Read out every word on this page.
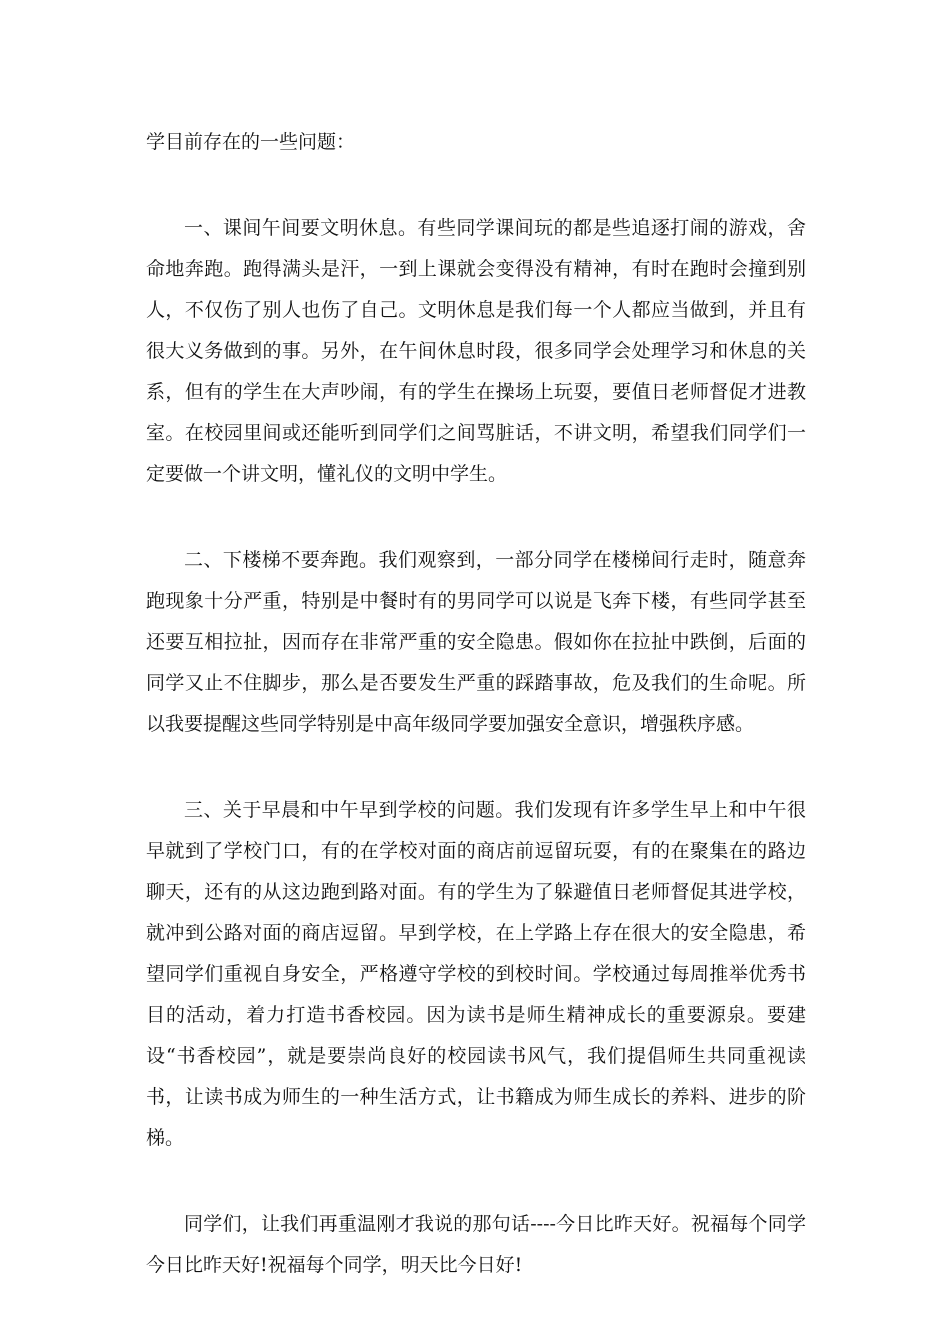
学目前存在的一些问题：

一、课间午间要文明休息。有些同学课间玩的都是些追逐打闹的游戏，舍命地奔跑。跑得满头是汗，一到上课就会变得没有精神，有时在跑时会撞到别人，不仅伤了别人也伤了自己。文明休息是我们每一个人都应当做到，并且有很大义务做到的事。另外，在午间休息时段，很多同学会处理学习和休息的关系，但有的学生在大声吵闹，有的学生在操场上玩耍，要值日老师督促才进教室。在校园里间或还能听到同学们之间骂脏话，不讲文明，希望我们同学们一定要做一个讲文明，懂礼仪的文明中学生。

二、下楼梯不要奔跑。我们观察到，一部分同学在楼梯间行走时，随意奔跑现象十分严重，特别是中餐时有的男同学可以说是飞奔下楼，有些同学甚至还要互相拉扯，因而存在非常严重的安全隐患。假如你在拉扯中跌倒，后面的同学又止不住脚步，那么是否要发生严重的踩踏事故，危及我们的生命呢。所以我要提醒这些同学特别是中高年级同学要加强安全意识，增强秩序感。

三、关于早晨和中午早到学校的问题。我们发现有许多学生早上和中午很早就到了学校门口，有的在学校对面的商店前逗留玩耍，有的在聚集在的路边聊天，还有的从这边跑到路对面。有的学生为了躲避值日老师督促其进学校，就冲到公路对面的商店逗留。早到学校，在上学路上存在很大的安全隐患，希望同学们重视自身安全，严格遵守学校的到校时间。学校通过每周推举优秀书目的活动，着力打造书香校园。因为读书是师生精神成长的重要源泉。要建设“书香校园”，就是要崇尚良好的校园读书风气，我们提倡师生共同重视读书，让读书成为师生的一种生活方式，让书籍成为师生成长的养料、进步的阶梯。

同学们，让我们再重温刚才我说的那句话----今日比昨天好。祝福每个同学今日比昨天好!祝福每个同学，明天比今日好!
